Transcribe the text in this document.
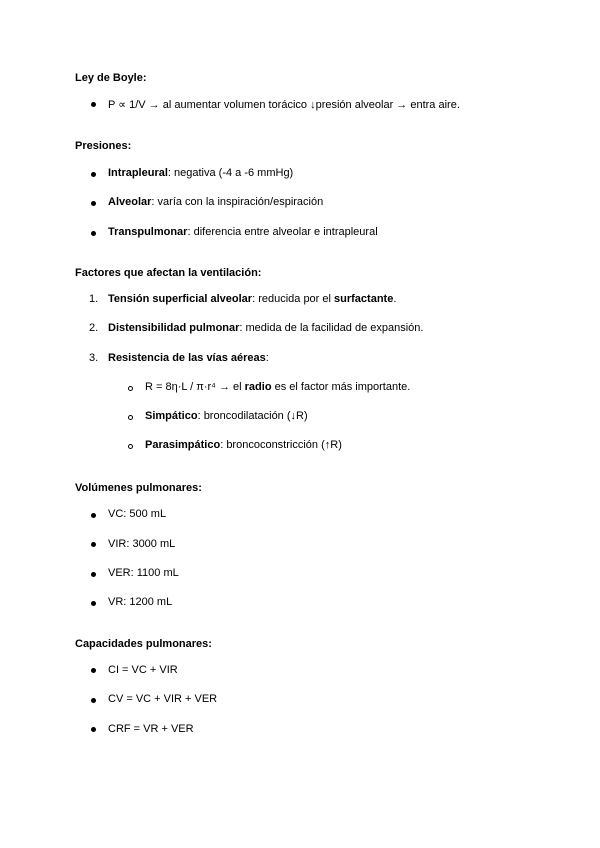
Ley de Boyle:
P ∝ 1/V → al aumentar volumen torácico ↓presión alveolar → entra aire.
Presiones:
Intrapleural: negativa (-4 a -6 mmHg)
Alveolar: varía con la inspiración/espiración
Transpulmonar: diferencia entre alveolar e intrapleural
Factores que afectan la ventilación:
1. Tensión superficial alveolar: reducida por el surfactante.
2. Distensibilidad pulmonar: medida de la facilidad de expansión.
3. Resistencia de las vías aéreas:
R = 8η·L / π·r⁴ → el radio es el factor más importante.
Simpático: broncodilatación (↓R)
Parasimpático: broncoconstricción (↑R)
Volúmenes pulmonares:
VC: 500 mL
VIR: 3000 mL
VER: 1100 mL
VR: 1200 mL
Capacidades pulmonares:
CI = VC + VIR
CV = VC + VIR + VER
CRF = VR + VER
